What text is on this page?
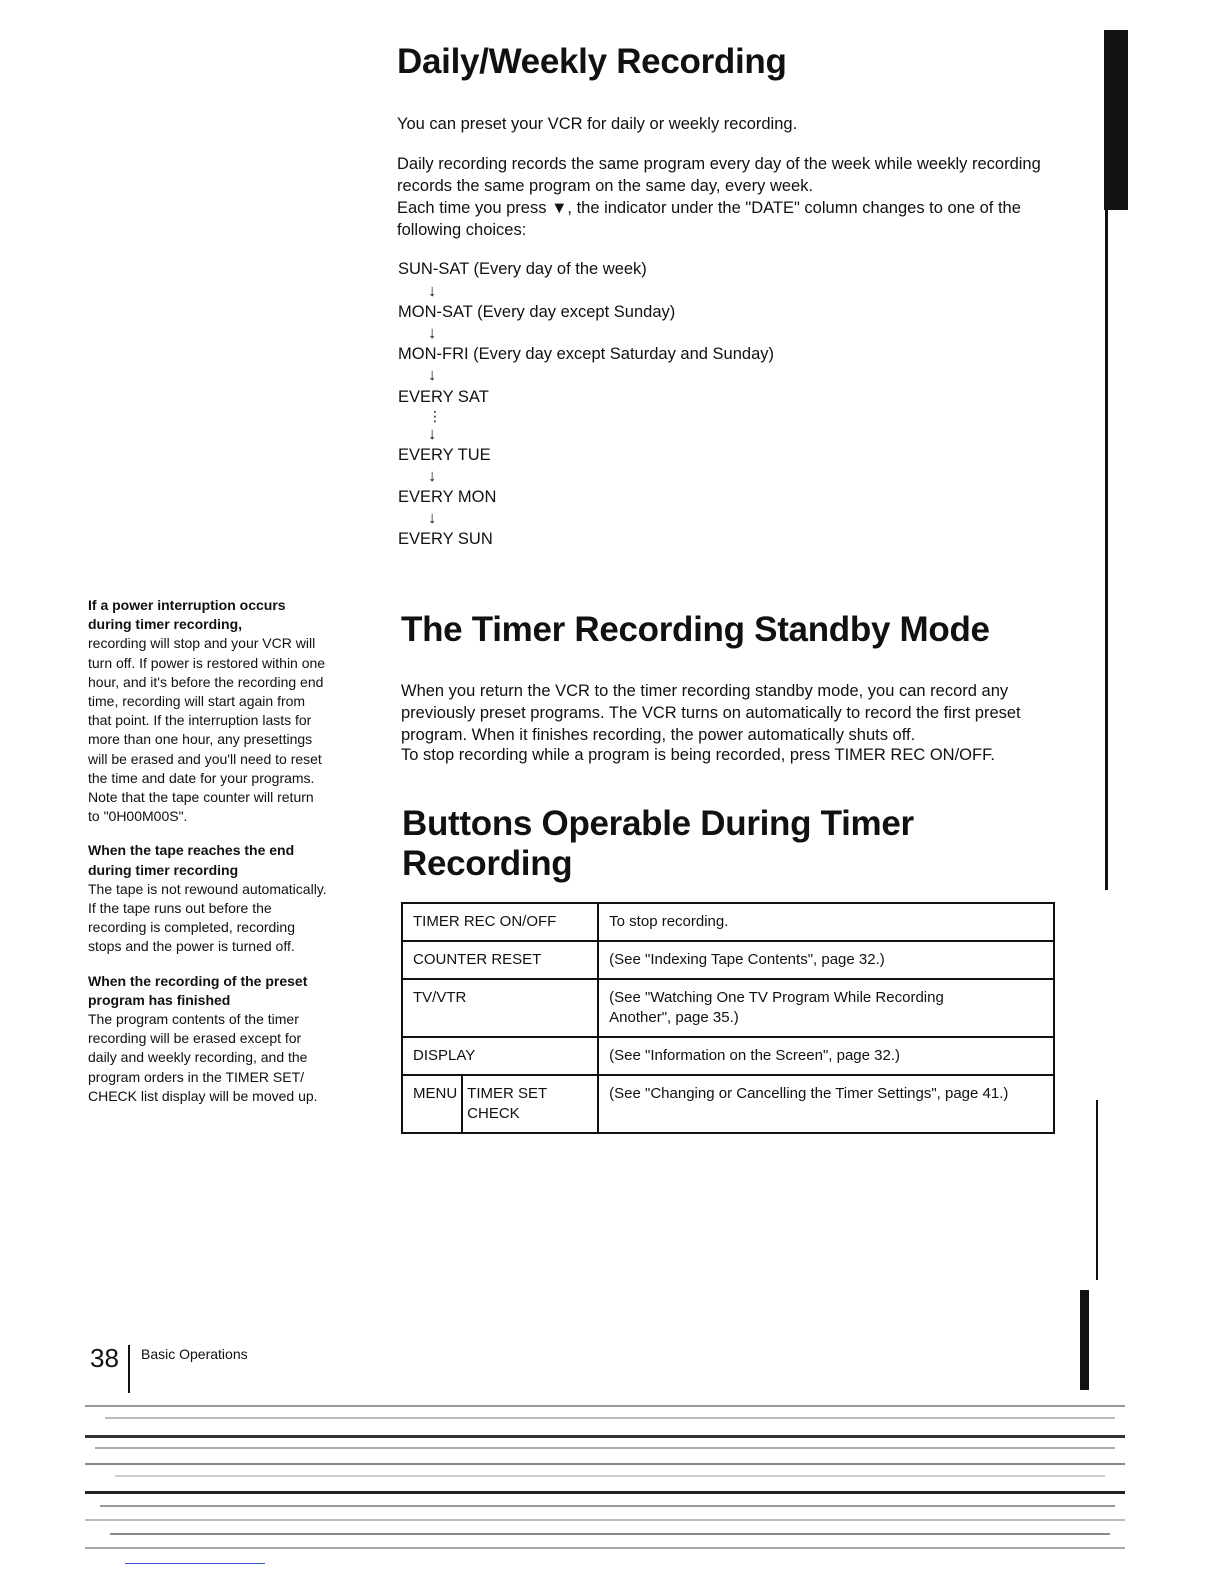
Daily/Weekly Recording

You can preset your VCR for daily or weekly recording.

Daily recording records the same program every day of the week while weekly recording records the same program on the same day, every week.

Each time you press ▼, the indicator under the "DATE" column changes to one of the following choices:

SUN-SAT (Every day of the week)
↓
MON-SAT (Every day except Sunday)
↓
MON-FRI (Every day except Saturday and Sunday)
↓
EVERY SAT
⋮
↓
EVERY TUE
↓
EVERY MON
↓
EVERY SUN

If a power interruption occurs during timer recording,
recording will stop and your VCR will turn off. If power is restored within one hour, and it's before the recording end time, recording will start again from that point. If the interruption lasts for more than one hour, any presettings will be erased and you'll need to reset the time and date for your programs. Note that the tape counter will return to "0H00M00S".

When the tape reaches the end during timer recording
The tape is not rewound automatically. If the tape runs out before the recording is completed, recording stops and the power is turned off.

When the recording of the preset program has finished
The program contents of the timer recording will be erased except for daily and weekly recording, and the program orders in the TIMER SET/ CHECK list display will be moved up.

The Timer Recording Standby Mode

When you return the VCR to the timer recording standby mode, you can record any previously preset programs. The VCR turns on automatically to record the first preset program. When it finishes recording, the power automatically shuts off.

To stop recording while a program is being recorded, press TIMER REC ON/OFF.

Buttons Operable During Timer
Recording
TIMER REC ON/OFF		To stop recording.
COUNTER RESET		(See "Indexing Tape Contents", page 32.)
TV/VTR		(See "Watching One TV Program While Recording Another", page 35.)
DISPLAY		(See "Information on the Screen", page 32.)
MENU	TIMER SET CHECK	(See "Changing or Cancelling the Timer Settings", page 41.)
38 Basic Operations
